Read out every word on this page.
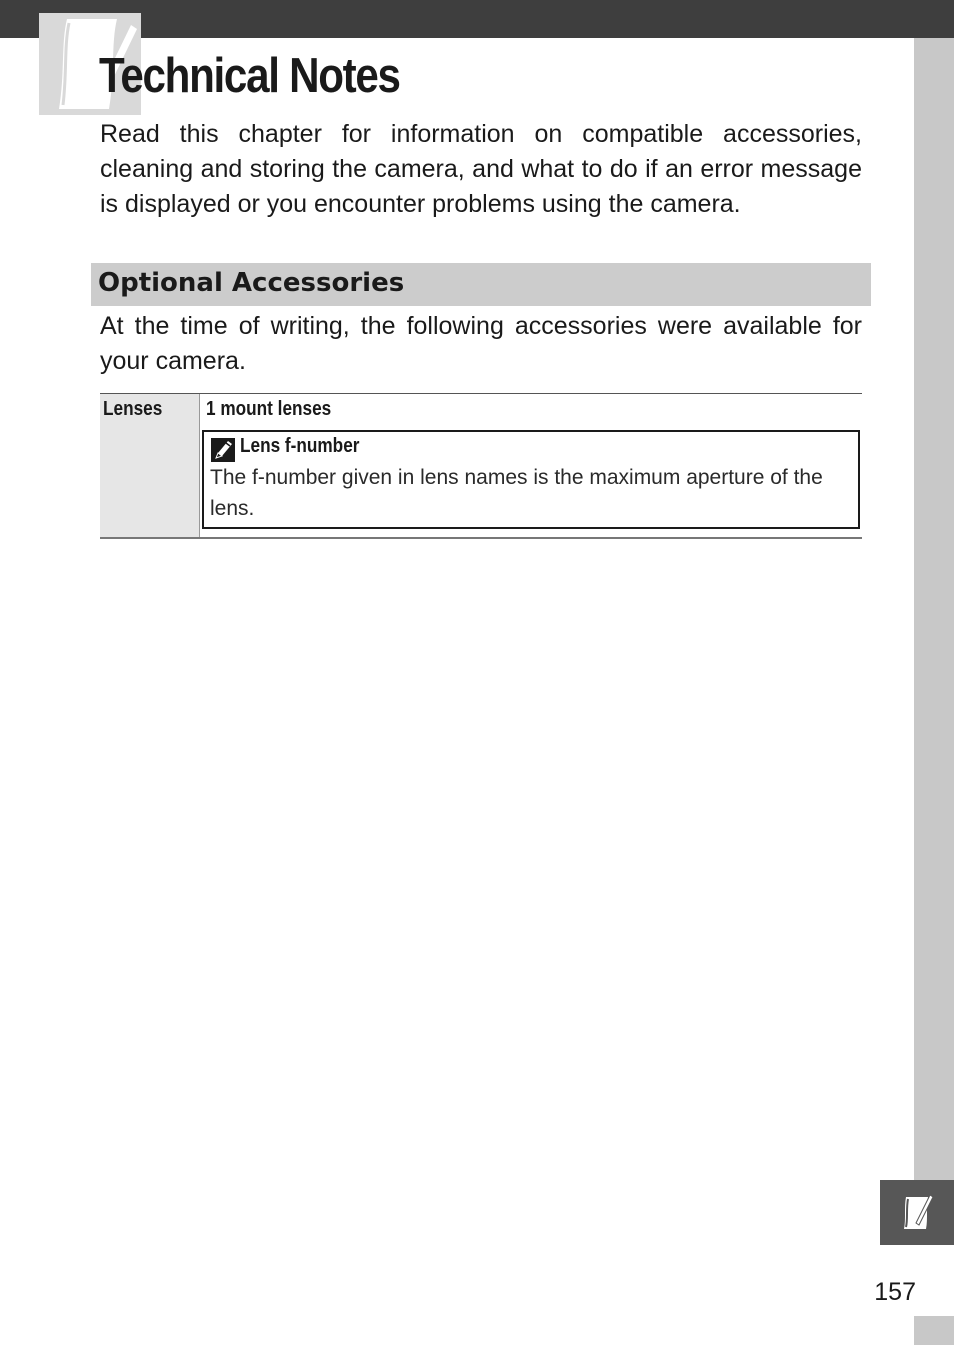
Technical Notes

Read this chapter for information on compatible accessories, cleaning and storing the camera, and what to do if an error message is displayed or you encounter problems using the camera.

Optional Accessories

At the time of writing, the following accessories were available for your camera.

Lenses 1 mount lenses
Lens f-number

The f-number given in lens names is the maximum aperture of the lens.

157
